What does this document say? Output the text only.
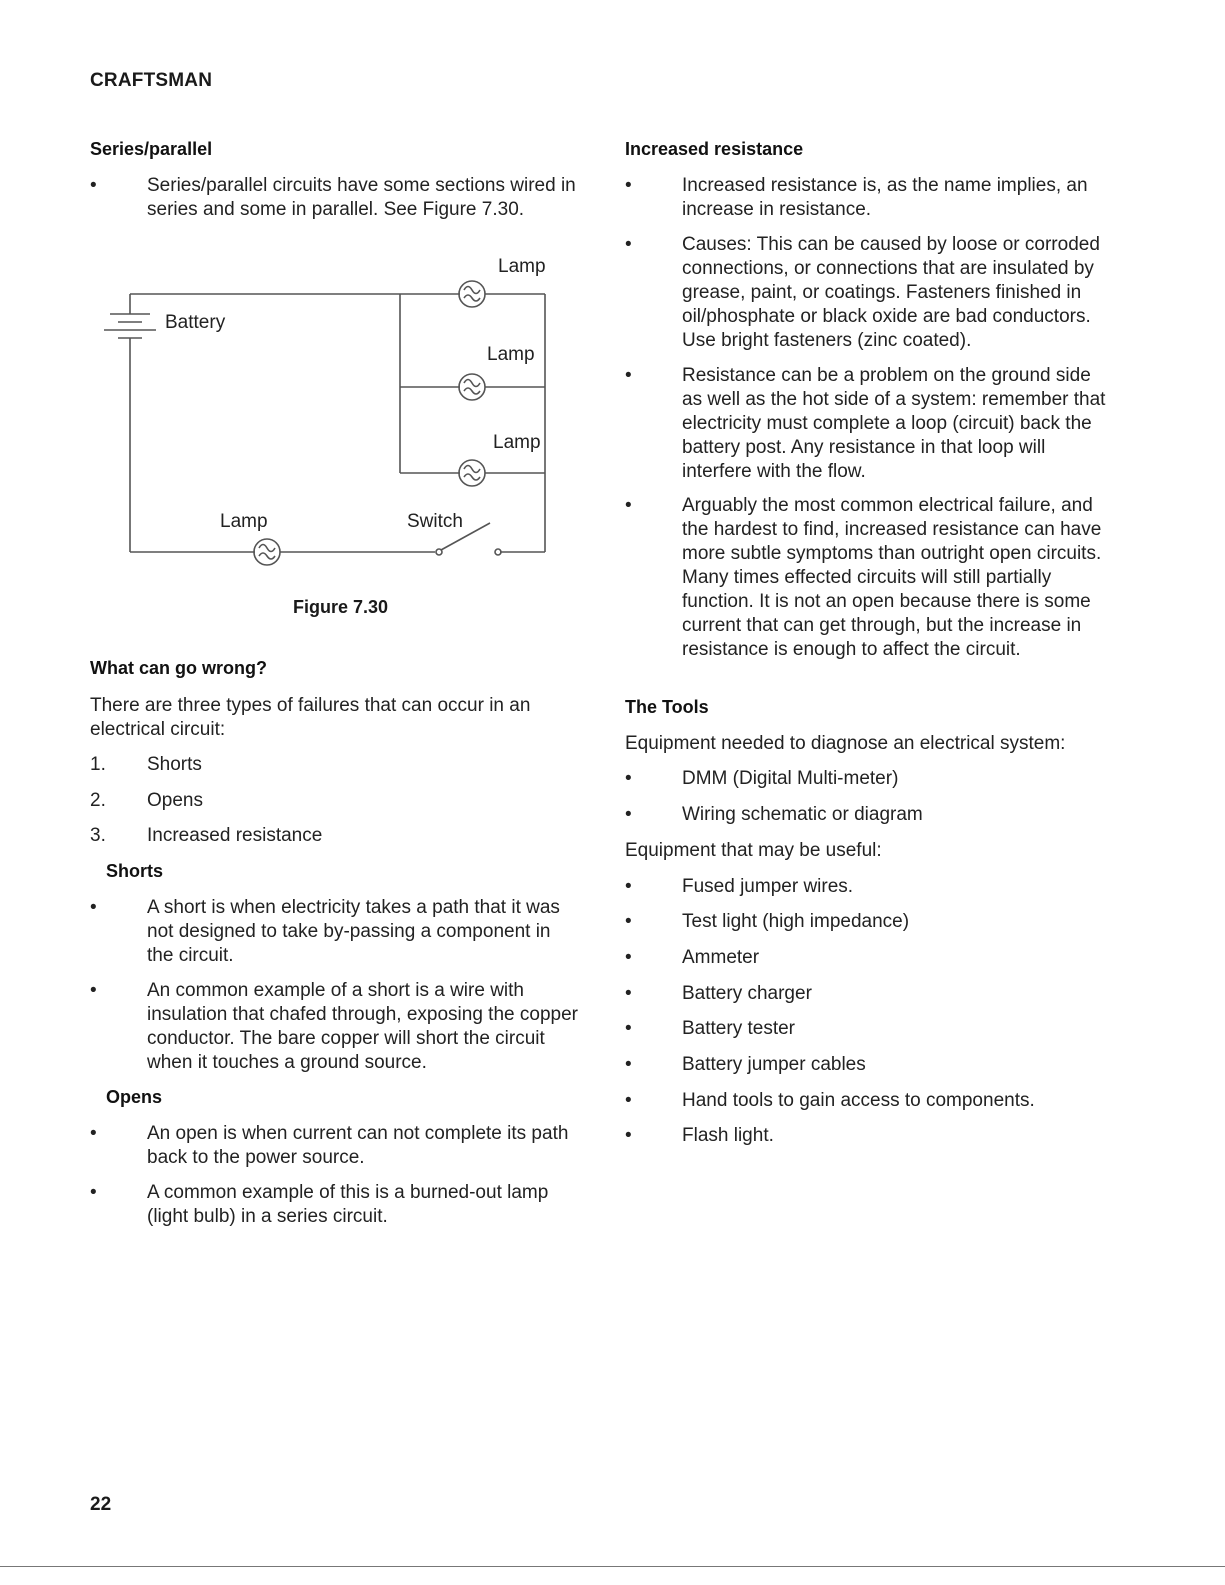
CRAFTSMAN
Series/parallel
•	Series/parallel circuits have some sections wired in series and some in parallel. See Figure 7.30.
Battery
Lamp
Lamp
Lamp
Lamp	Switch
Figure 7.30
What can go wrong?
There are three types of failures that can occur in an electrical circuit:
1. Shorts
2. Opens
3. Increased resistance
Shorts
•	A short is when electricity takes a path that it was not designed to take by-passing a component in the circuit.
•	An common example of a short is a wire with insulation that chafed through, exposing the copper conductor. The bare copper will short the circuit when it touches a ground source.
Opens
•	An open is when current can not complete its path back to the power source.
•	A common example of this is a burned-out lamp (light bulb) in a series circuit.
Increased resistance
•	Increased resistance is, as the name implies, an increase in resistance.
•	Causes: This can be caused by loose or corroded connections, or connections that are insulated by grease, paint, or coatings. Fasteners finished in oil/phosphate or black oxide are bad conductors. Use bright fasteners (zinc coated).
•	Resistance can be a problem on the ground side as well as the hot side of a system: remember that electricity must complete a loop (circuit) back the battery post. Any resistance in that loop will interfere with the flow.
•	Arguably the most common electrical failure, and the hardest to find, increased resistance can have more subtle symptoms than outright open circuits. Many times effected circuits will still partially function. It is not an open because there is some current that can get through, but the increase in resistance is enough to affect the circuit.
The Tools
Equipment needed to diagnose an electrical system:
•	DMM (Digital Multi-meter)
•	Wiring schematic or diagram
Equipment that may be useful:
•	Fused jumper wires.
•	Test light (high impedance)
•	Ammeter
•	Battery charger
•	Battery tester
•	Battery jumper cables
•	Hand tools to gain access to components.
•	Flash light.
22
